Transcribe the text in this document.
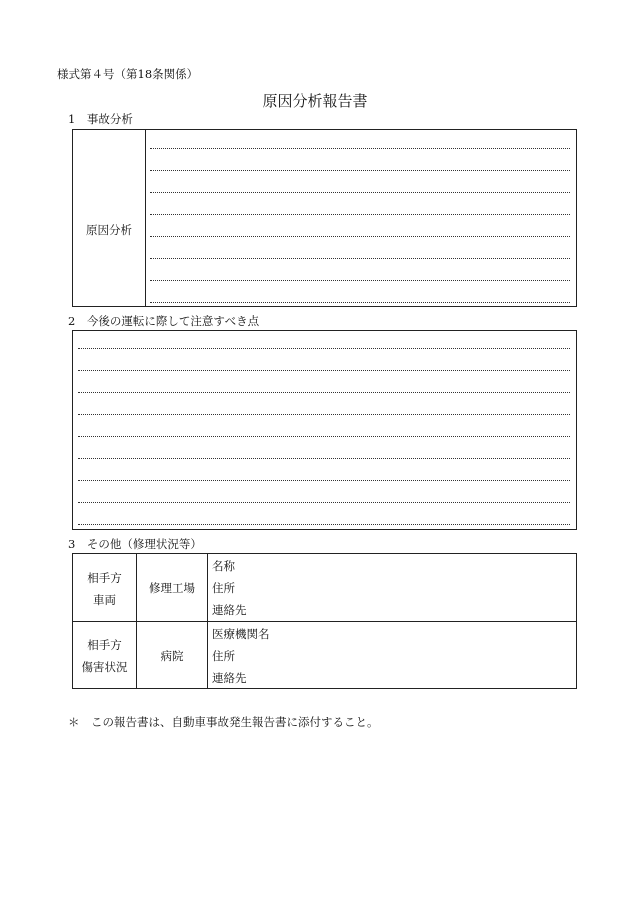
様式第４号（第18条関係）
原因分析報告書
1　事故分析
原因分析
2　今後の運転に際して注意すべき点
3　その他（修理状況等）
相手方
車両
修理工場
名称
住所
連絡先
相手方
傷害状況
病院
医療機関名
住所
連絡先
＊　この報告書は、自動車事故発生報告書に添付すること。
